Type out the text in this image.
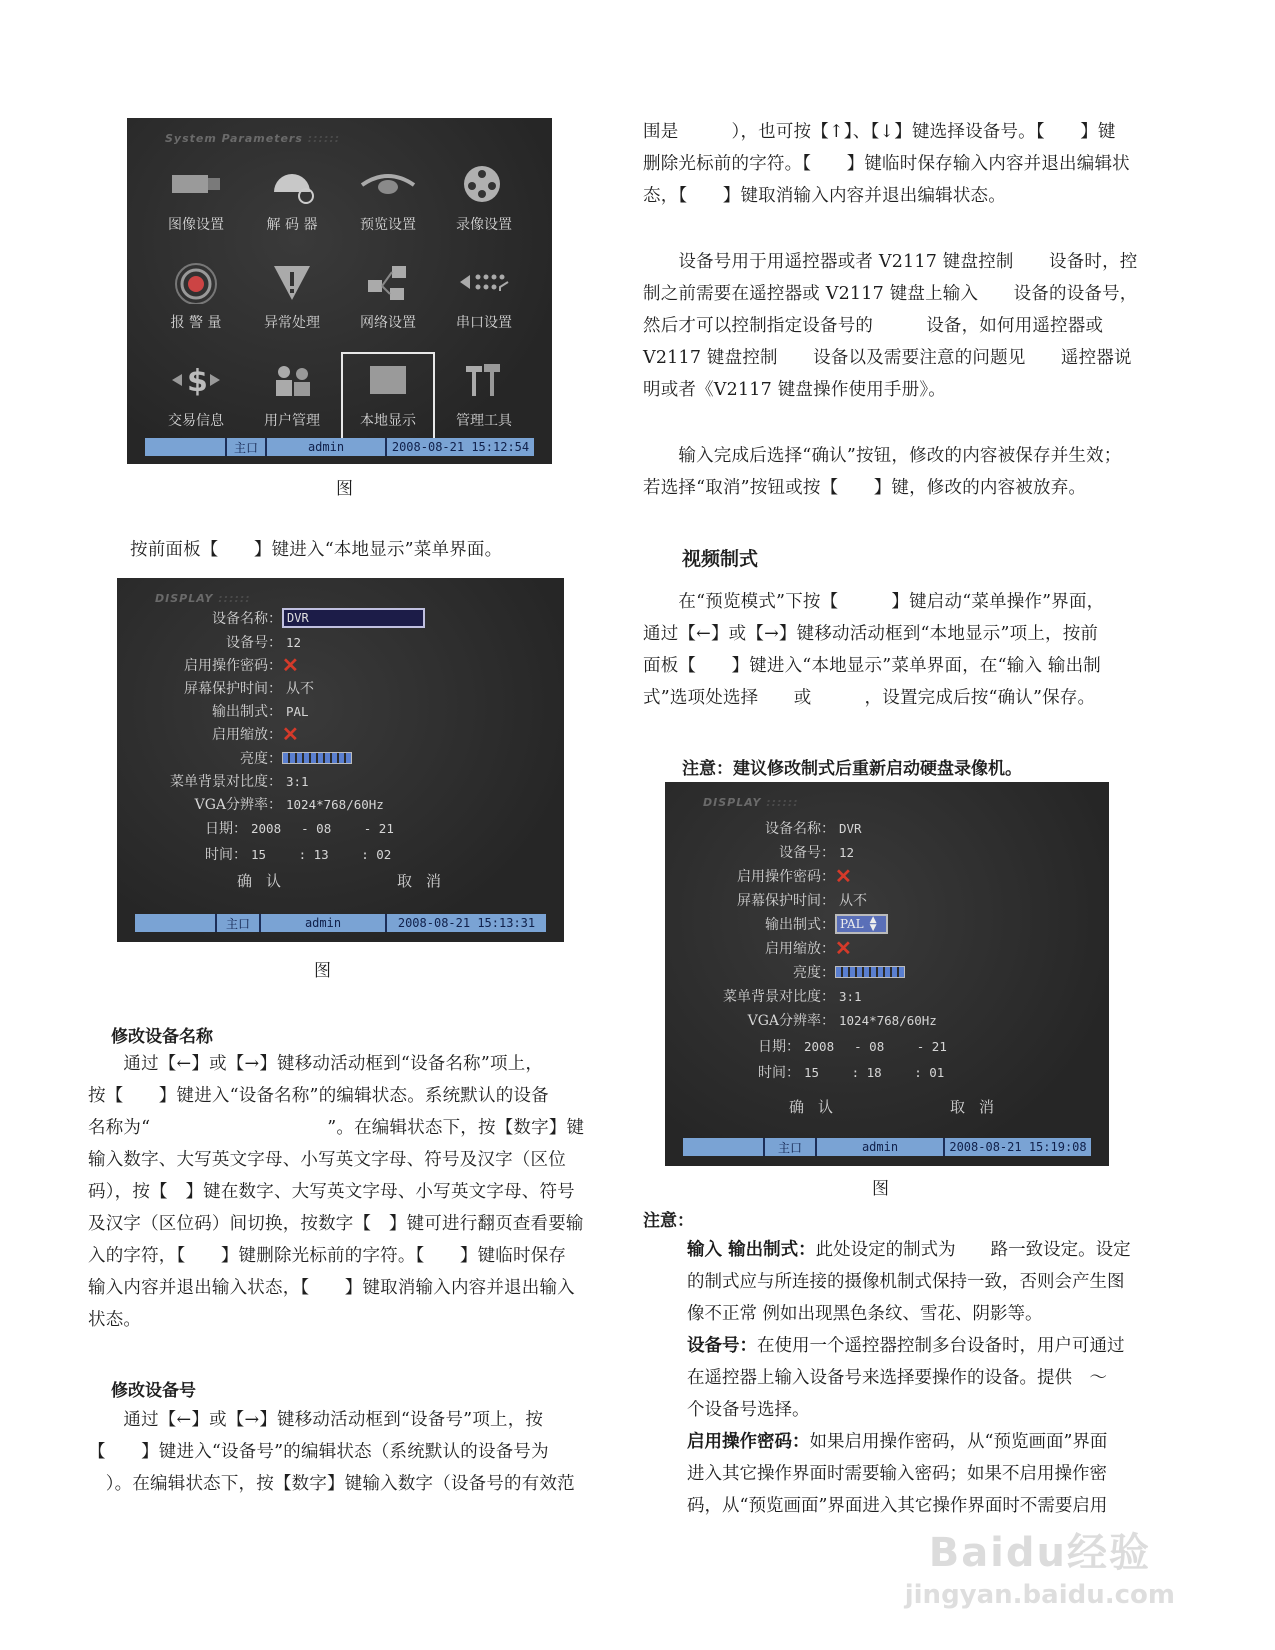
System Parameters ::::::
图像设置	解 码 器	预览设置	录像设置
报 警 量	异常处理	网络设置	串口设置
$
交易信息	用户管理	本地显示	管理工具
主口	admin	2008-08-21 15:12:54
图
按前面板【　　】键进入“本地显示”菜单界面。
DISPLAY ::::::
设备名称： DVR
设备号： 12
启用操作密码： ✕
屏幕保护时间： 从不
输出制式： PAL
启用缩放： ✕
亮度：
菜单背景对比度： 3:1
VGA分辨率： 1024*768/60Hz
日期： 2008　 - 08　　 - 21
时间： 15　　 : 13　　 : 02
确认	取消
主口	admin	2008-08-21 15:13:31
图
修改设备名称
　　通过【←】或【→】键移动活动框到“设备名称”项上，
按【　　】键进入“设备名称”的编辑状态。系统默认的设备
名称为“　　　　　　　　　　”。在编辑状态下，按【数字】键
输入数字、大写英文字母、小写英文字母、符号及汉字（区位
码），按【　】键在数字、大写英文字母、小写英文字母、符号
及汉字（区位码）间切换，按数字【　】键可进行翻页查看要输
入的字符，【　　】键删除光标前的字符。【　　】键临时保存
输入内容并退出输入状态，【　　】键取消输入内容并退出输入
状态。
修改设备号
　　通过【←】或【→】键移动活动框到“设备号”项上，按
【　　】键进入“设备号”的编辑状态（系统默认的设备号为
　）。在编辑状态下，按【数字】键输入数字（设备号的有效范
围是　　　），也可按【↑】、【↓】键选择设备号。【　　】键
删除光标前的字符。【　　】键临时保存输入内容并退出编辑状
态，【　　】键取消输入内容并退出编辑状态。
　　设备号用于用遥控器或者 V2117 键盘控制　　设备时，控
制之前需要在遥控器或 V2117 键盘上输入　　设备的设备号，
然后才可以控制指定设备号的　　　设备，如何用遥控器或
V2117 键盘控制　　设备以及需要注意的问题见　　遥控器说
明或者《V2117 键盘操作使用手册》。
　　输入完成后选择“确认”按钮，修改的内容被保存并生效；
若选择“取消”按钮或按【　　】键，修改的内容被放弃。
视频制式
　　在“预览模式”下按【　　　】键启动“菜单操作”界面，
通过【←】或【→】键移动活动框到“本地显示”项上，按前
面板【　　】键进入“本地显示”菜单界面，在“输入 输出制
式”选项处选择　　或　　　，设置完成后按“确认”保存。
注意：建议修改制式后重新启动硬盘录像机。
DISPLAY ::::::
设备名称： DVR
设备号： 12
启用操作密码： ✕
屏幕保护时间： 从不
输出制式： PAL ▲
▼
启用缩放： ✕
亮度：
菜单背景对比度： 3:1
VGA分辨率： 1024*768/60Hz
日期： 2008　 - 08　　 - 21
时间： 15　　 : 18　　 : 01
确认	取消
主口	admin	2008-08-21 15:19:08
图
注意：
输入 输出制式：此处设定的制式为　　路一致设定。设定
的制式应与所连接的摄像机制式保持一致，否则会产生图
像不正常 例如出现黑色条纹、雪花、阴影等。
设备号：在使用一个遥控器控制多台设备时，用户可通过
在遥控器上输入设备号来选择要操作的设备。提供　～
个设备号选择。
启用操作密码：如果启用操作密码，从“预览画面”界面
进入其它操作界面时需要输入密码；如果不启用操作密
码，从“预览画面”界面进入其它操作界面时不需要启用
Baidu经验
jingyan.baidu.com
